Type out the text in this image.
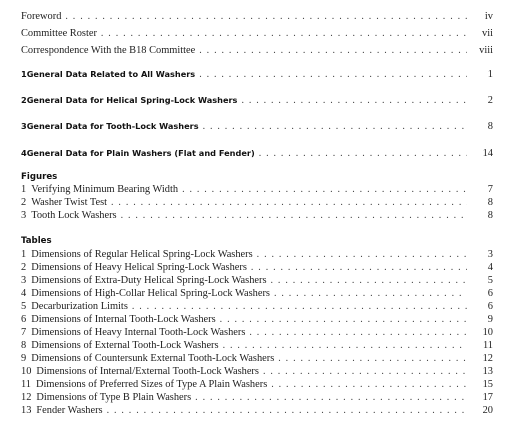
Foreword . . .	iv
Committee Roster . . .	vii
Correspondence With the B18 Committee . . .	viii
1 General Data Related to All Washers . . .	1
2 General Data for Helical Spring-Lock Washers . . .	2
3 General Data for Tooth-Lock Washers . . .	8
4 General Data for Plain Washers (Flat and Fender) . . .	14
Figures
1 Verifying Minimum Bearing Width . . .	7
2 Washer Twist Test . . .	8
3 Tooth Lock Washers . . .	8
Tables
1 Dimensions of Regular Helical Spring-Lock Washers . . .	3
2 Dimensions of Heavy Helical Spring-Lock Washers . . .	4
3 Dimensions of Extra-Duty Helical Spring-Lock Washers . . .	5
4 Dimensions of High-Collar Helical Spring-Lock Washers . . .	6
5 Decarburization Limits . . .	6
6 Dimensions of Internal Tooth-Lock Washers . . .	9
7 Dimensions of Heavy Internal Tooth-Lock Washers . . .	10
8 Dimensions of External Tooth-Lock Washers . . .	11
9 Dimensions of Countersunk External Tooth-Lock Washers . . .	12
10 Dimensions of Internal/External Tooth-Lock Washers . . .	13
11 Dimensions of Preferred Sizes of Type A Plain Washers . . .	15
12 Dimensions of Type B Plain Washers . . .	17
13 Fender Washers . . .	20
